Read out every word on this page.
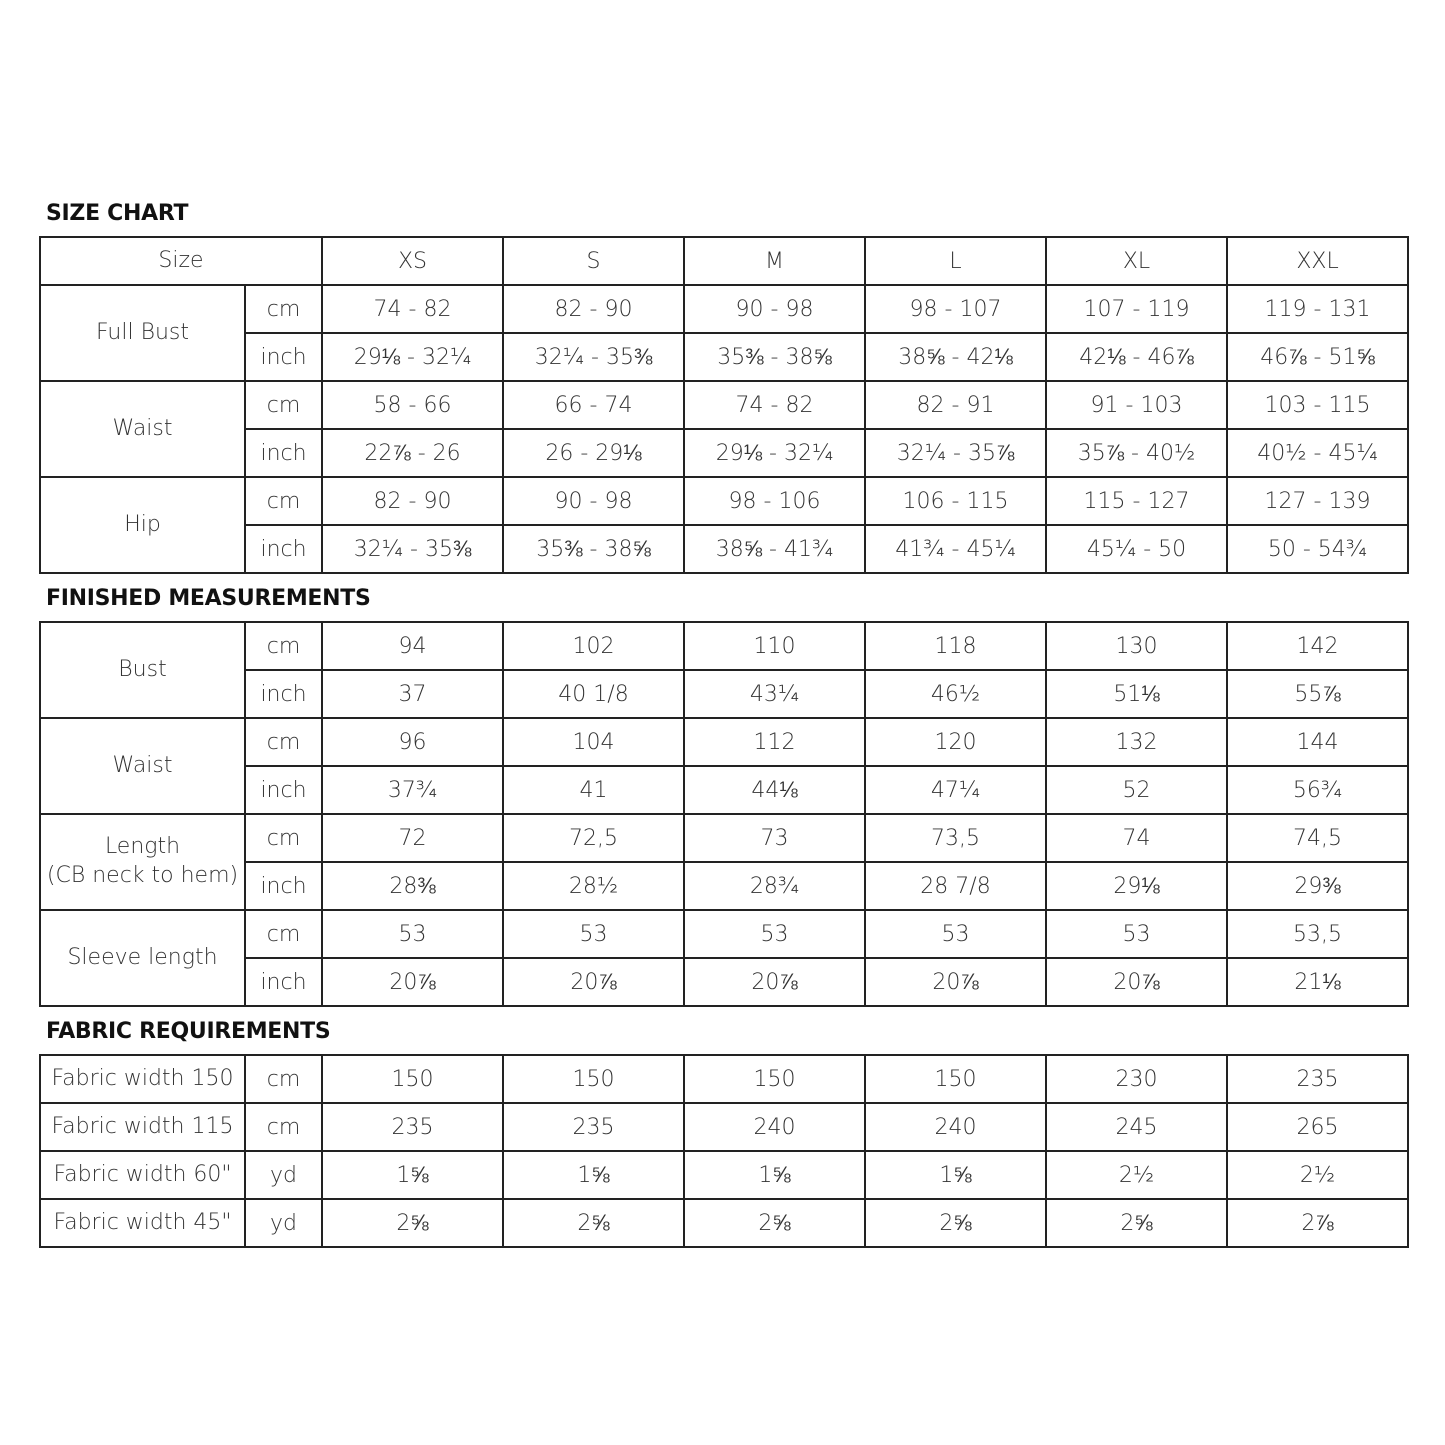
SIZE CHART
Size		XS	S	M	L	XL	XXL
Full Bust	cm	74 - 82	82 - 90	90 - 98	98 - 107	107 - 119	119 - 131
	inch	29⅛ - 32¼	32¼ - 35⅜	35⅜ - 38⅝	38⅝ - 42⅛	42⅛ - 46⅞	46⅞ - 51⅝
Waist	cm	58 - 66	66 - 74	74 - 82	82 - 91	91 - 103	103 - 115
	inch	22⅞ - 26	26 - 29⅛	29⅛ - 32¼	32¼ - 35⅞	35⅞ - 40½	40½ - 45¼
Hip	cm	82 - 90	90 - 98	98 - 106	106 - 115	115 - 127	127 - 139
	inch	32¼ - 35⅜	35⅜ - 38⅝	38⅝ - 41¾	41¾ - 45¼	45¼ - 50	50 - 54¾
FINISHED MEASUREMENTS
Bust	cm	94	102	110	118	130	142
	inch	37	40 1/8	43¼	46½	51⅛	55⅞
Waist	cm	96	104	112	120	132	144
	inch	37¾	41	44⅛	47¼	52	56¾
Length
(CB neck to hem)	cm	72	72,5	73	73,5	74	74,5
	inch	28⅜	28½	28¾	28 7/8	29⅛	29⅜
Sleeve length	cm	53	53	53	53	53	53,5
	inch	20⅞	20⅞	20⅞	20⅞	20⅞	21⅛
FABRIC REQUIREMENTS
Fabric width 150	cm	150	150	150	150	230	235
Fabric width 115	cm	235	235	240	240	245	265
Fabric width 60"	yd	1⅝	1⅝	1⅝	1⅝	2½	2½
Fabric width 45"	yd	2⅝	2⅝	2⅝	2⅝	2⅝	2⅞
